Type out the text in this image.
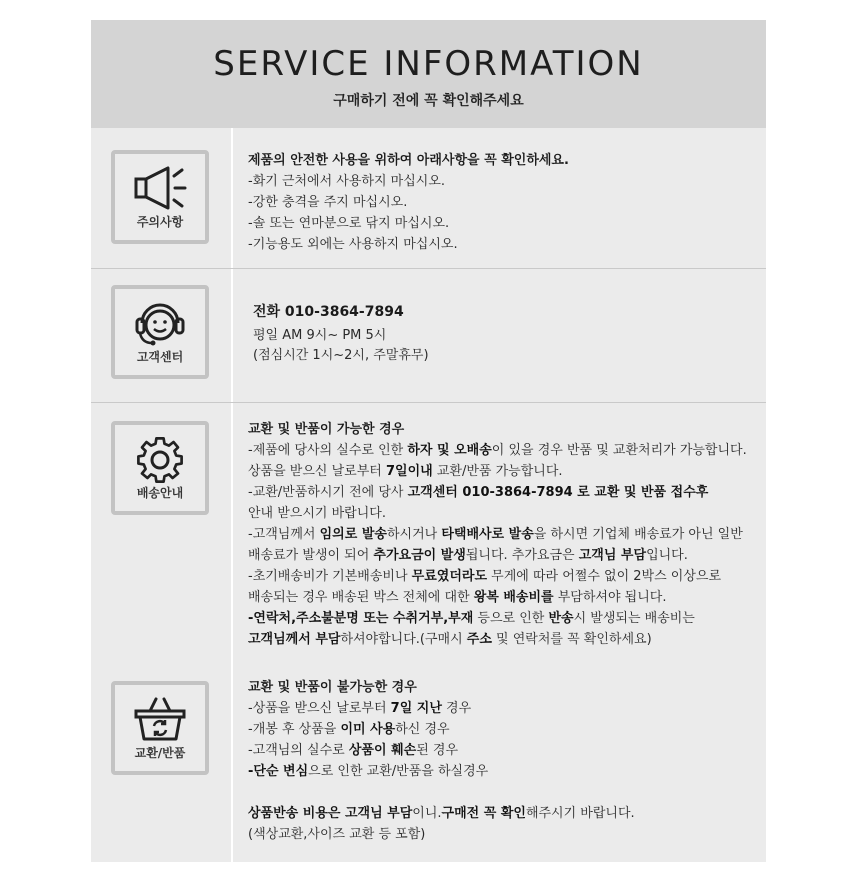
SERVICE INFORMATION
구매하기 전에 꼭 확인해주세요
주의사항
제품의 안전한 사용을 위하여 아래사항을 꼭 확인하세요.
-화기 근처에서 사용하지 마십시오.
-강한 충격을 주지 마십시오.
-솔 또는 연마분으로 닦지 마십시오.
-기능용도 외에는 사용하지 마십시오.
고객센터
전화 010-3864-7894
평일 AM 9시~ PM 5시
(점심시간 1시~2시, 주말휴무)
배송안내
교환/반품
교환 및 반품이 가능한 경우
-제품에 당사의 실수로 인한 하자 및 오배송이 있을 경우 반품 및 교환처리가 가능합니다.
상품을 받으신 날로부터 7일이내 교환/반품 가능합니다.
-교환/반품하시기 전에 당사 고객센터 010-3864-7894 로 교환 및 반품 접수후
안내 받으시기 바랍니다.
-고객님께서 임의로 발송하시거나 타택배사로 발송을 하시면 기업체 배송료가 아닌 일반
배송료가 발생이 되어 추가요금이 발생됩니다. 추가요금은 고객님 부담입니다.
-초기배송비가 기본배송비나 무료였더라도 무게에 따라 어쩔수 없이 2박스 이상으로
배송되는 경우 배송된 박스 전체에 대한 왕복 배송비를 부담하셔야 됩니다.
-연락처,주소불분명 또는 수취거부,부재 등으로 인한 반송시 발생되는 배송비는
고객님께서 부담하셔야합니다.(구매시 주소 및 연락처를 꼭 확인하세요)
교환 및 반품이 불가능한 경우
-상품을 받으신 날로부터 7일 지난 경우
-개봉 후 상품을 이미 사용하신 경우
-고객님의 실수로 상품이 훼손된 경우
-단순 변심으로 인한 교환/반품을 하실경우
상품반송 비용은 고객님 부담이니.구매전 꼭 확인해주시기 바랍니다.
(색상교환,사이즈 교환 등 포함)
